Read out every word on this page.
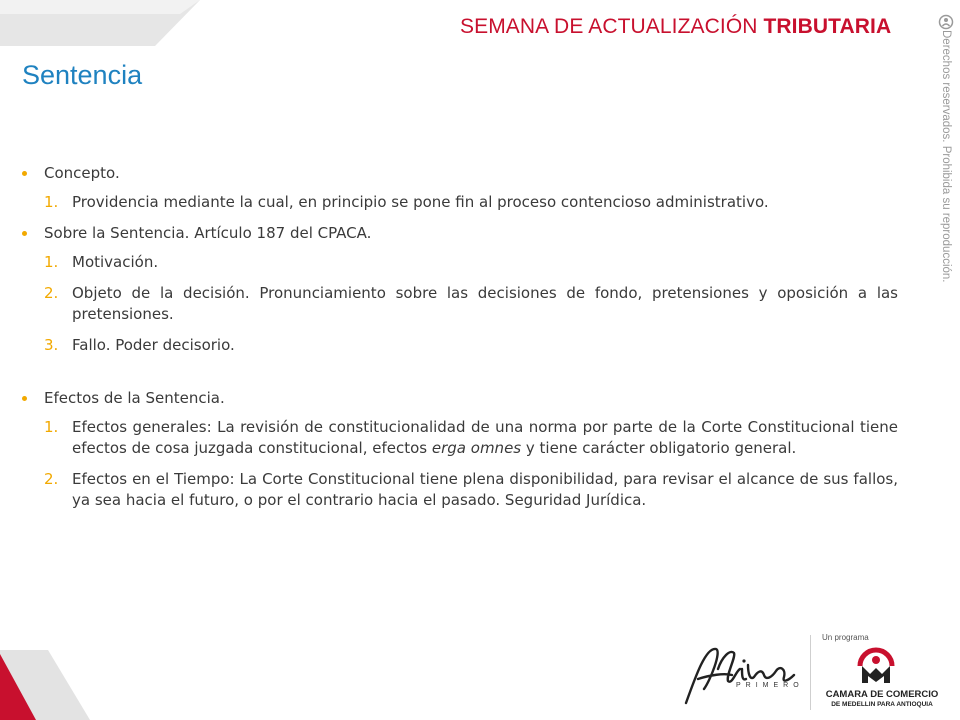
SEMANA DE ACTUALIZACIÓN TRIBUTARIA
Sentencia	Derechos reservados. Prohibida su reproducción.
Concepto.
1. Providencia mediante la cual, en principio se pone fin al proceso contencioso administrativo.
Sobre la Sentencia. Artículo 187 del CPACA.
1. Motivación.
2. Objeto de la decisión. Pronunciamiento sobre las decisiones de fondo, pretensiones y oposición a las pretensiones.
3. Fallo. Poder decisorio.
Efectos de la Sentencia.
1. Efectos generales: La revisión de constitucionalidad de una norma por parte de la Corte Constitucional tiene efectos de cosa juzgada constitucional, efectos erga omnes y tiene carácter obligatorio general.
2. Efectos en el Tiempo: La Corte Constitucional tiene plena disponibilidad, para revisar el alcance de sus fallos, ya sea hacia el futuro, o por el contrario hacia el pasado. Seguridad Jurídica.
PRIMERO
Un programa
CAMARA DE COMERCIO
DE MEDELLIN PARA ANTIOQUIA
